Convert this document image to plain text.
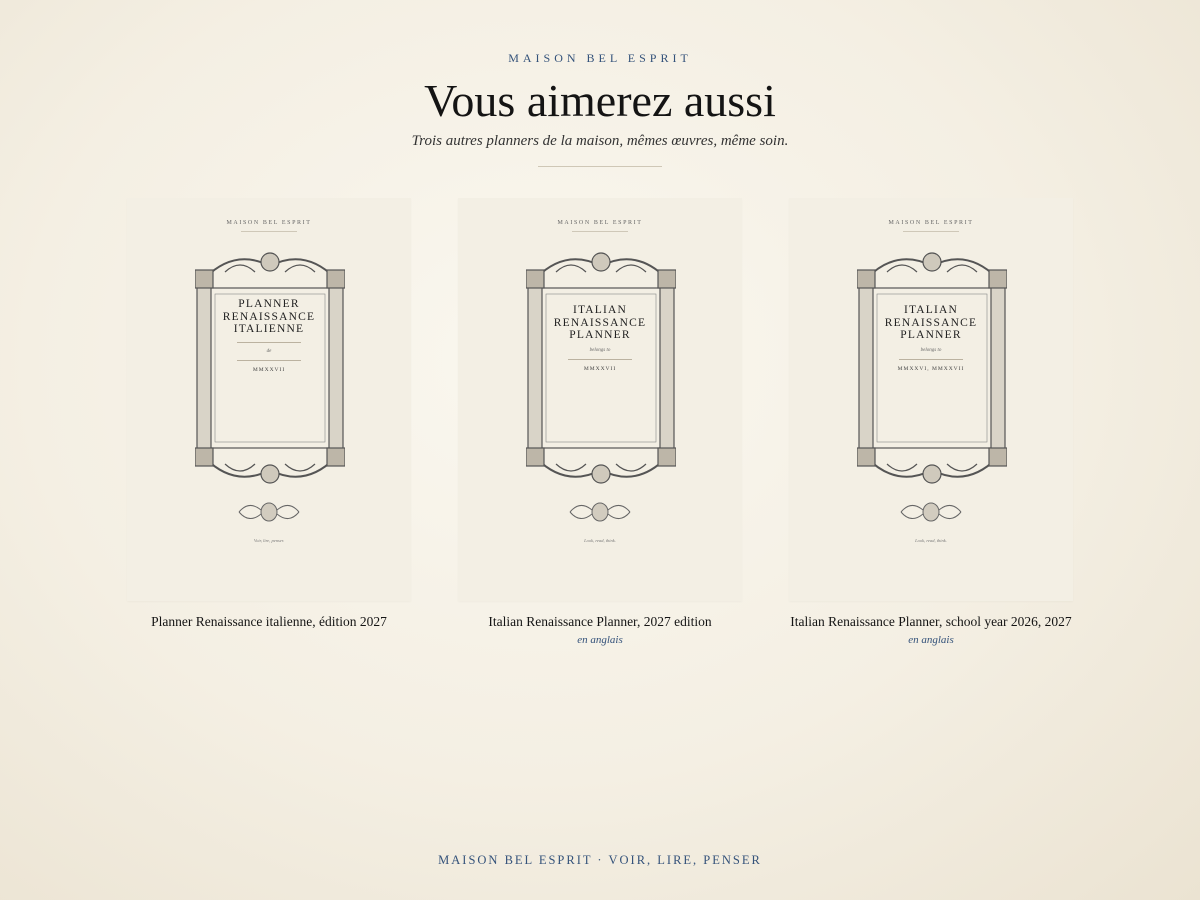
MAISON BEL ESPRIT
Vous aimerez aussi
Trois autres planners de la maison, mêmes œuvres, même soin.
MAISON BEL ESPRIT
PLANNER
RENAISSANCE
ITALIENNE
de
MMXXVII
Voir, lire, penser.
Planner Renaissance italienne, édition 2027
MAISON BEL ESPRIT
ITALIAN
RENAISSANCE
PLANNER
belongs to
MMXXVII
Look, read, think.
Italian Renaissance Planner, 2027 edition
en anglais
MAISON BEL ESPRIT
ITALIAN
RENAISSANCE
PLANNER
belongs to
MMXXVI, MMXXVII
Look, read, think.
Italian Renaissance Planner, school year 2026, 2027
en anglais
MAISON BEL ESPRIT · VOIR, LIRE, PENSER
